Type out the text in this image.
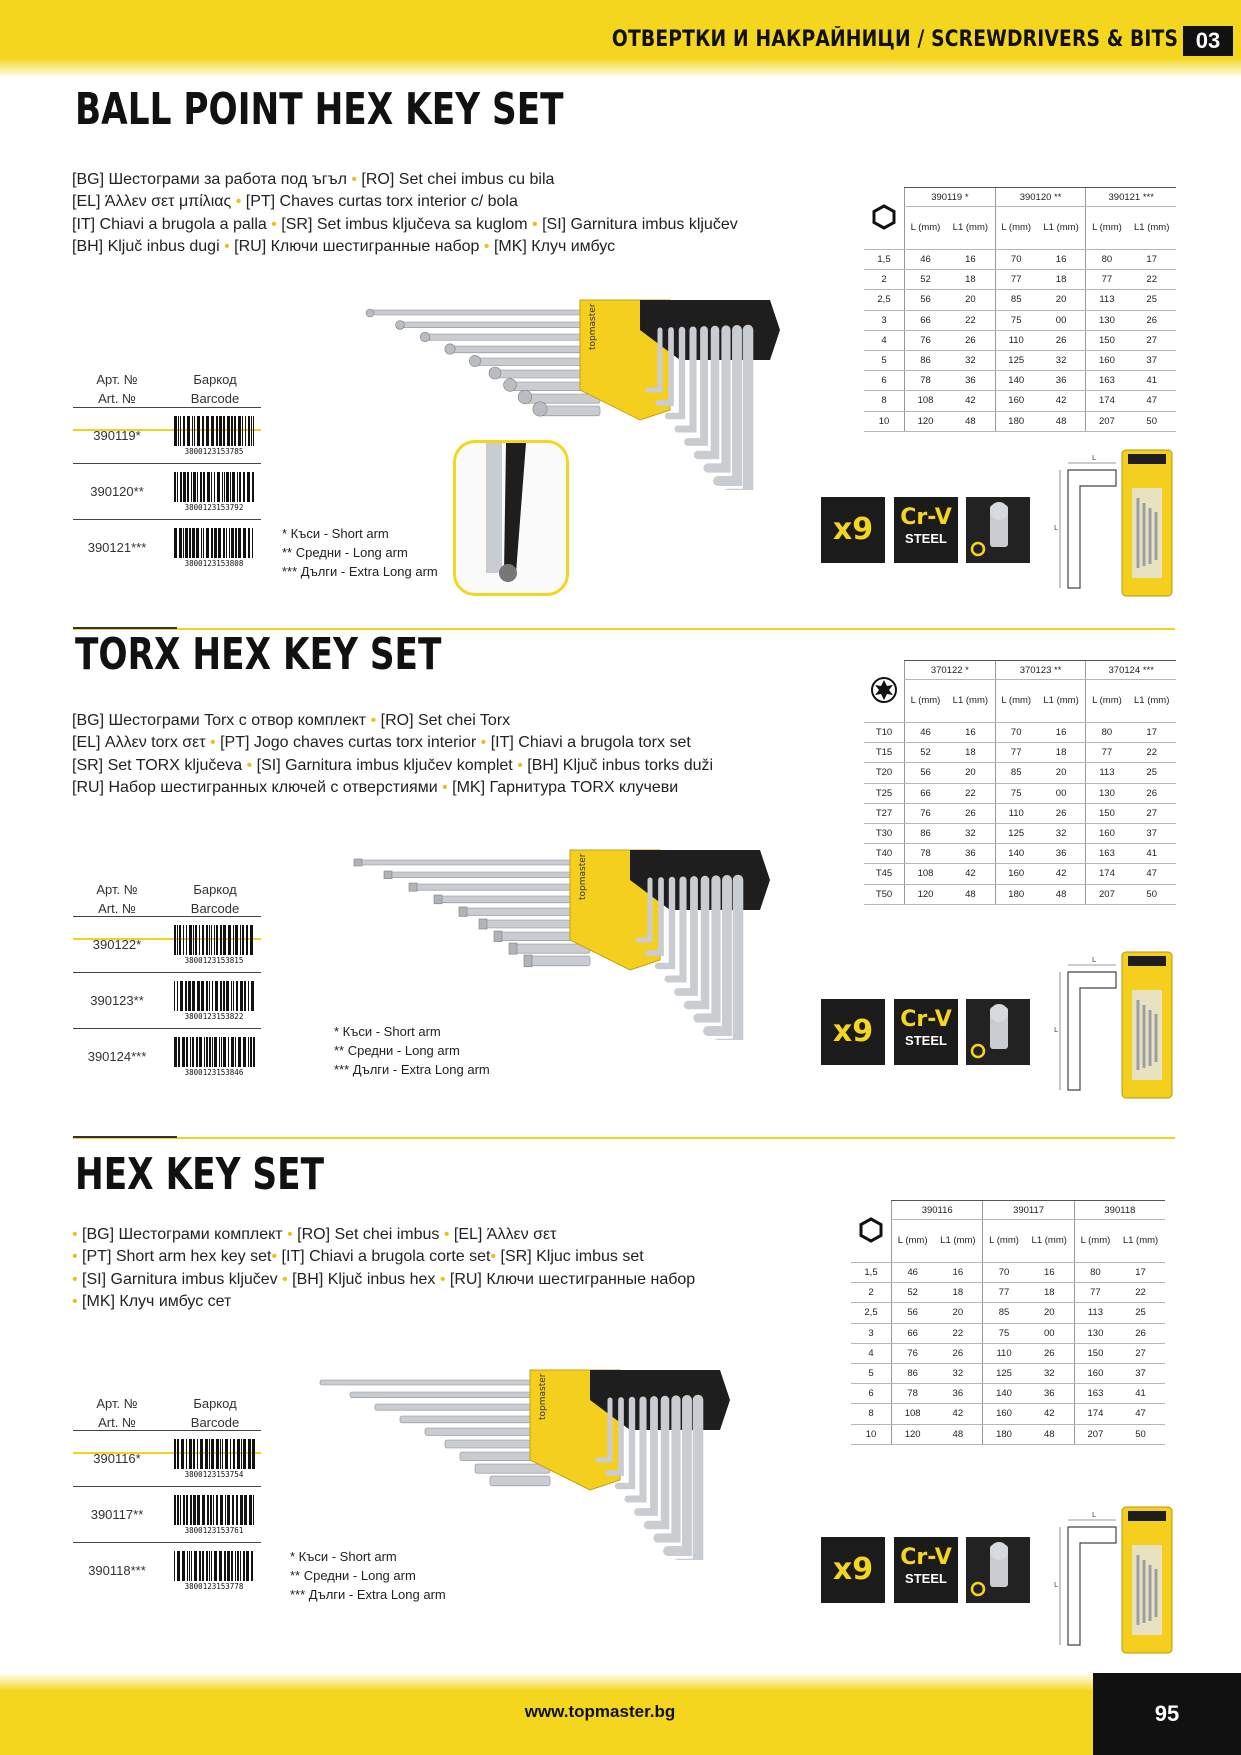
ОТВЕРТКИ И НАКРАЙНИЦИ / SCREWDRIVERS & BITS 03
BALL POINT HEX KEY SET
[BG] Шестограми за работа под ъгъл • [RO] Set chei imbus cu bila
[EL] Άλλεν σετ μπίλιας • [PT] Chaves curtas torx interior c/ bola
[IT] Chiavi a brugola a palla • [SR] Set imbus ključeva sa kuglom • [SI] Garnitura imbus ključev
[BH] Ključ inbus dugi • [RU] Ключи шестигранные набор • [MK] Клуч имбус
Арт. №
Art. №
Баркод
Barcode
390119*
3800123153785
390120**
3800123153792
390121***
3800123153808
* Къси - Short arm
** Средни - Long arm
*** Дълги - Extra Long arm
	390119 *		390120 **		390121 ***	
	L (mm)	L1 (mm)	L (mm)	L1 (mm)	L (mm)	L1 (mm)
1,5	46	16	70	16	80	17
2	52	18	77	18	77	22
2,5	56	20	85	20	113	25
3	66	22	75	00	130	26
4	76	26	110	26	150	27
5	86	32	125	32	160	37
6	78	36	140	36	163	41
8	108	42	160	42	174	47
10	120	48	180	48	207	50
x9	Cr-V
STEEL
topmaster
L
L
TORX HEX KEY SET
[BG] Шестограми Torx с отвор комплект • [RO] Set chei Torx
[EL] Αλλεν torx σετ • [PT] Jogo chaves curtas torx interior • [IT] Chiavi a brugola torx set
[SR] Set TORX ključeva • [SI] Garnitura imbus ključev komplet • [BH] Ključ inbus torks duži
[RU] Набор шестигранных ключей с отверстиями • [MK] Гарнитура TORX клучеви
Арт. №
Art. №
Баркод
Barcode
390122*
3800123153815
390123**
3800123153822
390124***
3800123153846
* Къси - Short arm
** Средни - Long arm
*** Дълги - Extra Long arm
	370122 *		370123 **		370124 ***	
	L (mm)	L1 (mm)	L (mm)	L1 (mm)	L (mm)	L1 (mm)
T10	46	16	70	16	80	17
T15	52	18	77	18	77	22
T20	56	20	85	20	113	25
T25	66	22	75	00	130	26
T27	76	26	110	26	150	27
T30	86	32	125	32	160	37
T40	78	36	140	36	163	41
T45	108	42	160	42	174	47
T50	120	48	180	48	207	50
x9	Cr-V
STEEL
topmaster
L
L
HEX KEY SET
• [BG] Шестограми комплект • [RO] Set chei imbus • [EL] Άλλεν σετ
• [PT] Short arm hex key set• [IT] Chiavi a brugola corte set• [SR] Kljuc imbus set
• [SI] Garnitura imbus ključev • [BH] Ključ inbus hex • [RU] Ключи шестигранные набор
• [MK] Клуч имбус сет
Арт. №
Art. №
Баркод
Barcode
390116*
3800123153754
390117**
3800123153761
390118***
3800123153778
* Къси - Short arm
** Средни - Long arm
*** Дълги - Extra Long arm
	390116		390117		390118	
	L (mm)	L1 (mm)	L (mm)	L1 (mm)	L (mm)	L1 (mm)
1,5	46	16	70	16	80	17
2	52	18	77	18	77	22
2,5	56	20	85	20	113	25
3	66	22	75	00	130	26
4	76	26	110	26	150	27
5	86	32	125	32	160	37
6	78	36	140	36	163	41
8	108	42	160	42	174	47
10	120	48	180	48	207	50
x9	Cr-V
STEEL
topmaster
L
L
www.topmaster.bg	95
